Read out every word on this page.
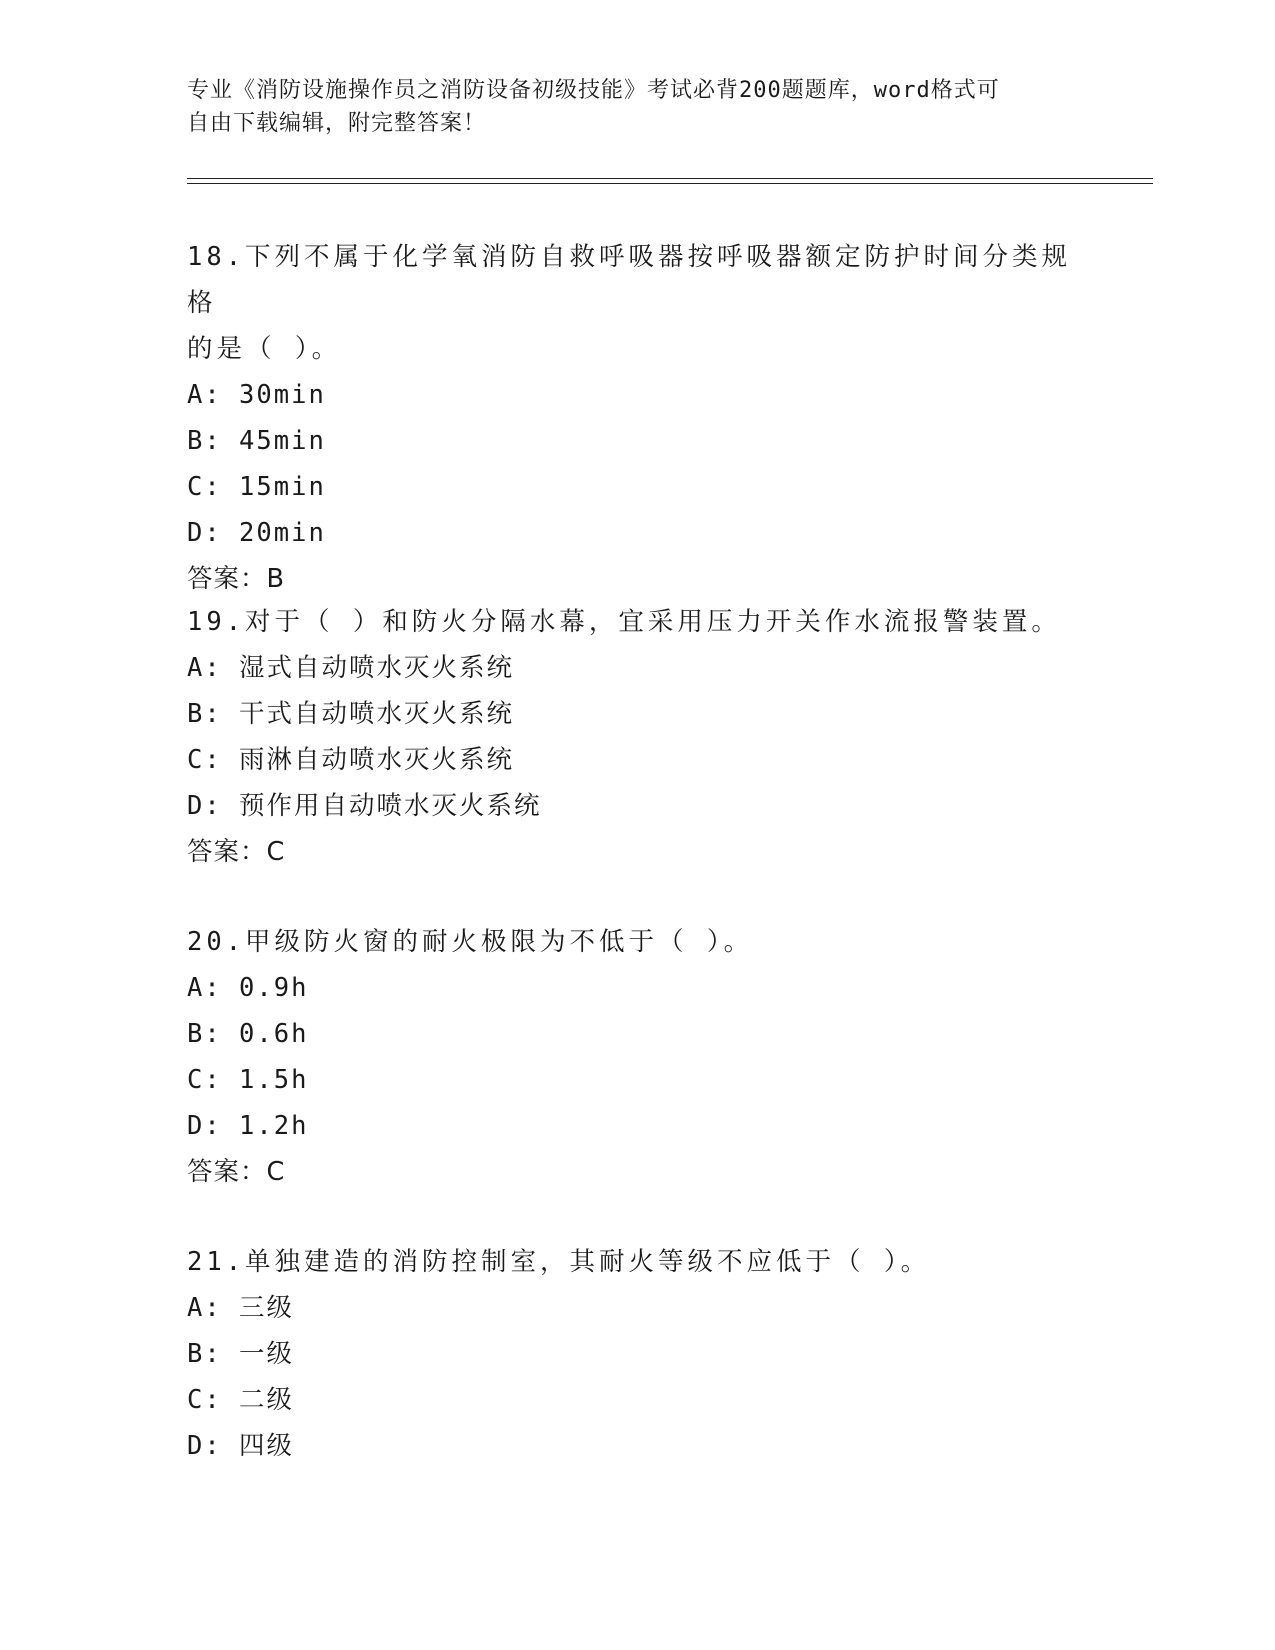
专业《消防设施操作员之消防设备初级技能》考试必背200题题库，word格式可
自由下载编辑，附完整答案！

18.下列不属于化学氧消防自救呼吸器按呼吸器额定防护时间分类规格

的是（ ）。

A: 30min

B: 45min

C: 15min

D: 20min

答案：B

19.对于（ ）和防火分隔水幕，宜采用压力开关作水流报警装置。

A: 湿式自动喷水灭火系统

B: 干式自动喷水灭火系统

C: 雨淋自动喷水灭火系统

D: 预作用自动喷水灭火系统

答案：C

20.甲级防火窗的耐火极限为不低于（ ）。

A: 0.9h

B: 0.6h

C: 1.5h

D: 1.2h

答案：C

21.单独建造的消防控制室，其耐火等级不应低于（ ）。

A: 三级

B: 一级

C: 二级

D: 四级
